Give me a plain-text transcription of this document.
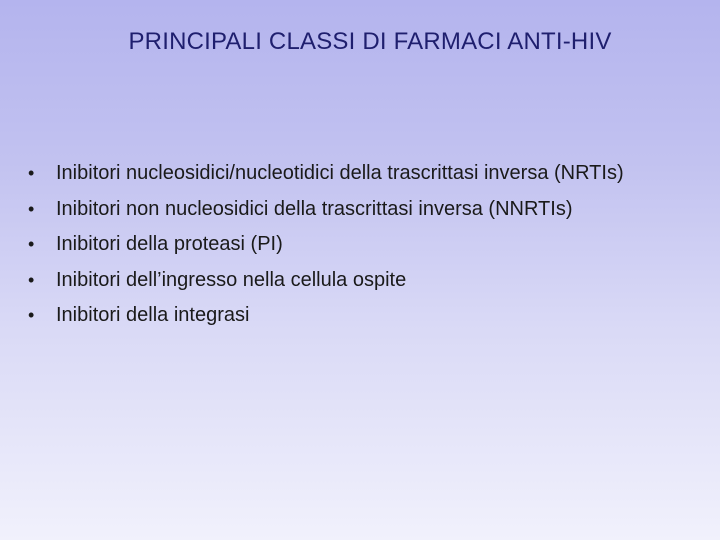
PRINCIPALI CLASSI DI FARMACI ANTI-HIV
• Inibitori nucleosidici/nucleotidici della trascrittasi inversa (NRTIs)
• Inibitori non nucleosidici della trascrittasi inversa (NNRTIs)
• Inibitori della proteasi (PI)
• Inibitori dell’ingresso nella cellula ospite
• Inibitori della integrasi
